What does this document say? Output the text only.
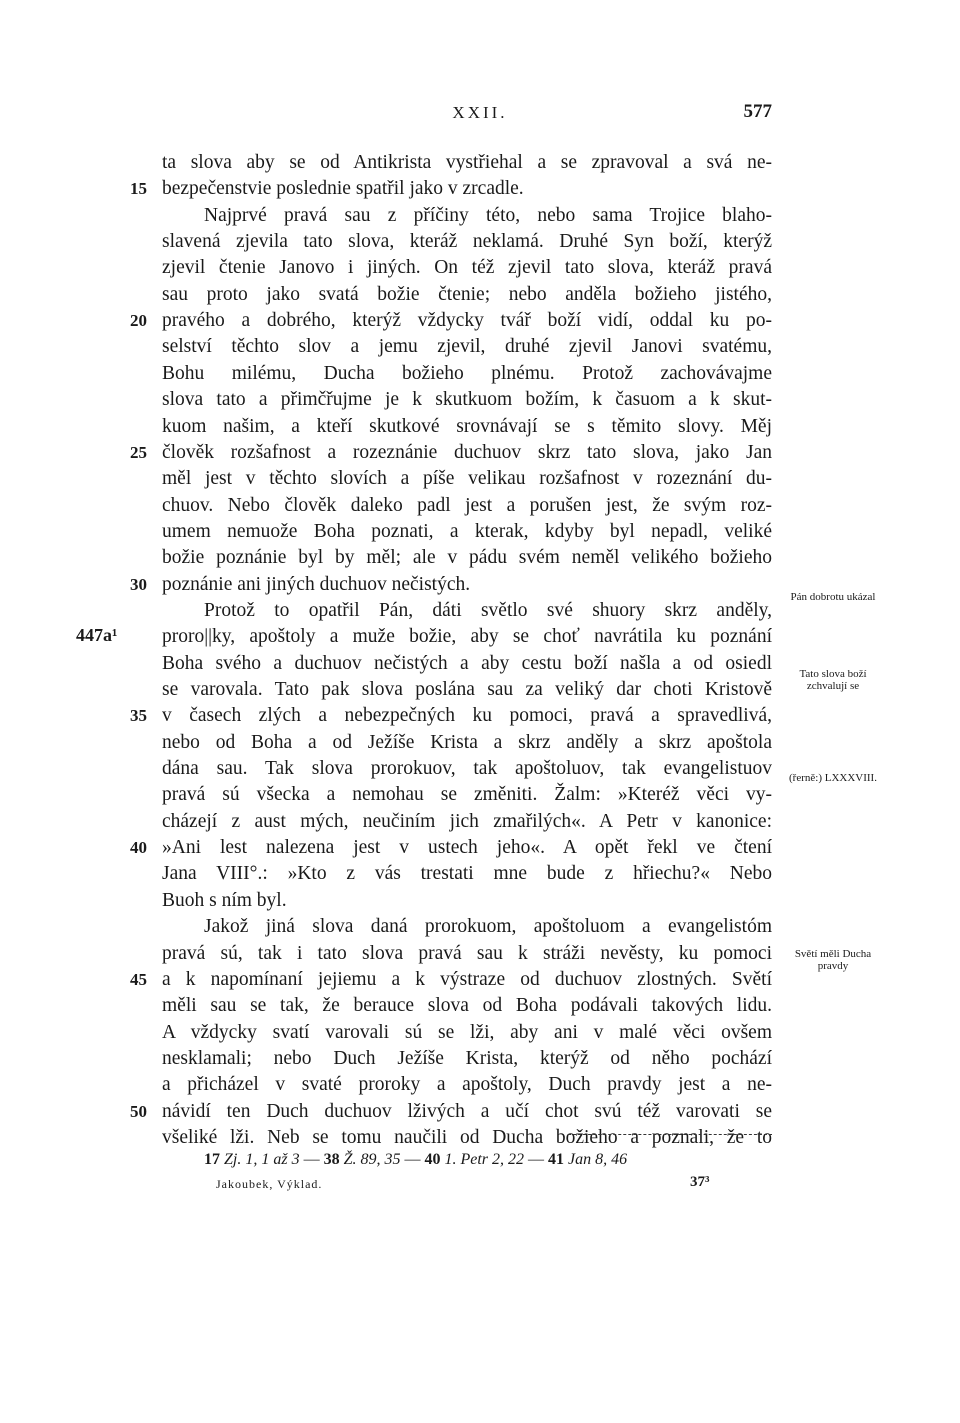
XXII.	577
447a¹
ta slova aby se od Antikrista vystřiehal a se zpravoval a svá ne-
15 bezpečenstvie poslednie spatřil jako v zrcadle.
Najprvé pravá sau z příčiny této, nebo sama Trojice blaho-
slavená zjevila tato slova, kteráž neklamá. Druhé Syn boží, kterýž
zjevil čtenie Janovo i jiných. On též zjevil tato slova, kteráž pravá
sau proto jako svatá božie čtenie; nebo anděla božieho jistého,
20 pravého a dobrého, kterýž vždycky tvář boží vidí, oddal ku po-
selství těchto slov a jemu zjevil, druhé zjevil Janovi svatému,
Bohu milému, Ducha božieho plnému. Protož zachovávajme
slova tato a přimčřujme je k skutkuom božím, k časuom a k skut-
kuom našim, a kteří skutkové srovnávají se s těmito slovy. Měj
25 člověk rozšafnost a rozeznánie duchuov skrz tato slova, jako Jan
měl jest v těchto slovích a píše velikau rozšafnost v rozeznání du-
chuov. Nebo člověk daleko padl jest a porušen jest, že svým roz-
umem nemuože Boha poznati, a kterak, kdyby byl nepadl, veliké
božie poznánie byl by měl; ale v pádu svém neměl velikého božieho
30 poznánie ani jiných duchuov nečistých.
Protož to opatřil Pán, dáti světlo své shuory skrz anděly,
proro||ky, apoštoly a muže božie, aby se choť navrátila ku poznání
Boha svého a duchuov nečistých a aby cestu boží našla a od osiedl
se varovala. Tato pak slova poslána sau za veliký dar choti Kristově
35 v časech zlých a nebezpečných ku pomoci, pravá a spravedlivá,
nebo od Boha a od Ježíše Krista a skrz anděly a skrz apoštola
dána sau. Tak slova prorokuov, tak apoštoluov, tak evangelistuov
pravá sú všecka a nemohau se změniti. Žalm: »Kteréž věci vy-
cházejí z aust mých, neučiním jich zmařilých«. A Petr v kanonice:
40 »Ani lest nalezena jest v ustech jeho«. A opět řekl ve čtení
Jana VIII°.: »Kto z vás trestati mne bude z hřiechu?« Nebo
Buoh s ním byl.
Jakož jiná slova daná prorokuom, apoštoluom a evangelistóm
pravá sú, tak i tato slova pravá sau k stráži nevěsty, ku pomoci
45 a k napomínaní jejiemu a k výstraze od duchuov zlostných. Světí
měli sau se tak, že berauce slova od Boha podávali takových lidu.
A vždycky svatí varovali sú se lži, aby ani v malé věci ovšem
nesklamali; nebo Duch Ježíše Krista, kterýž od něho pochází
a přicházel v svaté proroky a apoštoly, Duch pravdy jest a ne-
50 návidí ten Duch duchuov lživých a učí chot svú též varovati se
všeliké lži. Neb se tomu naučili od Ducha božieho a poznali, že to
Pán dobrotu ukázal
Tato slova boží zchvalují se
(řerně:) LXXXVIII.
Světí měli Ducha pravdy
17 Zj. 1, 1 až 3 — 38 Ž. 89, 35 — 40 1. Petr 2, 22 — 41 Jan 8, 46
Jakoubek, Výklad.	37³
